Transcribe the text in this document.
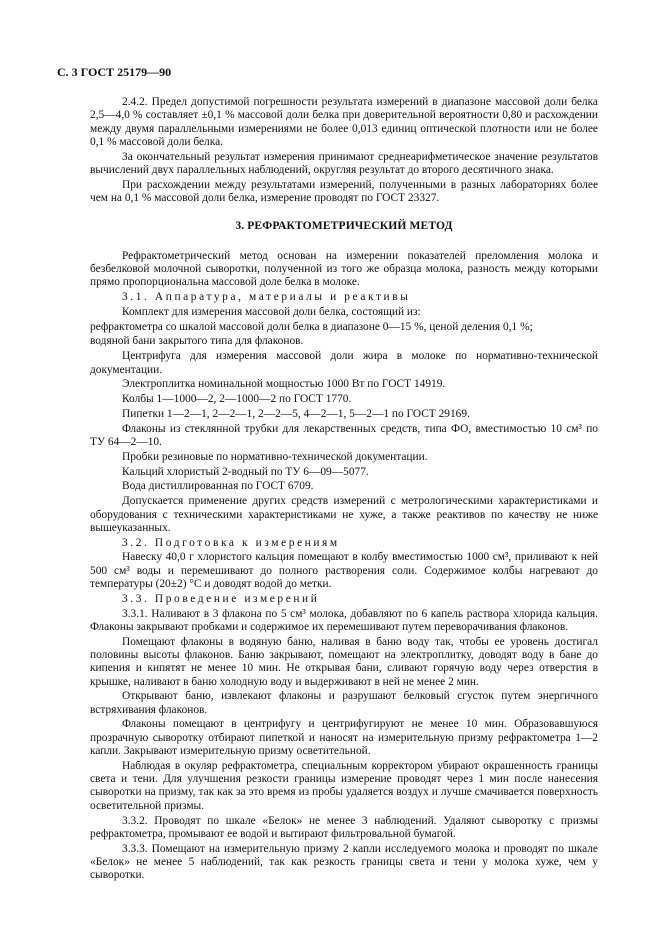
С. 3 ГОСТ 25179—90

2.4.2. Предел допустимой погрешности результата измерений в диапазоне массовой доли белка 2,5—4,0 % составляет ±0,1 % массовой доли белка при доверительной вероятности 0,80 и расхождении между двумя параллельными измерениями не более 0,013 единиц оптической плотности или не более 0,1 % массовой доли белка.

За окончательный результат измерения принимают среднеарифметическое значение результатов вычислений двух параллельных наблюдений, округляя результат до второго десятичного знака.

При расхождении между результатами измерений, полученными в разных лабораториях более чем на 0,1 % массовой доли белка, измерение проводят по ГОСТ 23327.

3. РЕФРАКТОМЕТРИЧЕСКИЙ МЕТОД

Рефрактометрический метод основан на измерении показателей преломления молока и безбелковой молочной сыворотки, полученной из того же образца молока, разность между которыми прямо пропорциональна массовой доле белка в молоке.

3.1. Аппаратура, материалы и реактивы

Комплект для измерения массовой доли белка, состоящий из:

рефрактометра со шкалой массовой доли белка в диапазоне 0—15 %, ценой деления 0,1 %;

водяной бани закрытого типа для флаконов.

Центрифуга для измерения массовой доли жира в молоке по нормативно-технической документации.

Электроплитка номинальной мощностью 1000 Вт по ГОСТ 14919.

Колбы 1—1000—2, 2—1000—2 по ГОСТ 1770.

Пипетки 1—2—1, 2—2—1, 2—2—5, 4—2—1, 5—2—1 по ГОСТ 29169.

Флаконы из стеклянной трубки для лекарственных средств, типа ФО, вместимостью 10 см³ по ТУ 64—2—10.

Пробки резиновые по нормативно-технической документации.

Кальций хлористый 2-водный по ТУ 6—09—5077.

Вода дистиллированная по ГОСТ 6709.

Допускается применение других средств измерений с метрологическими характеристиками и оборудования с техническими характеристиками не хуже, а также реактивов по качеству не ниже вышеуказанных.

3.2. Подготовка к измерениям

Навеску 40,0 г хлористого кальция помещают в колбу вместимостью 1000 см³, приливают к ней 500 см³ воды и перемешивают до полного растворения соли. Содержимое колбы нагревают до температуры (20±2) °С и доводят водой до метки.

3.3. Проведение измерений

3.3.1. Наливают в 3 флакона по 5 см³ молока, добавляют по 6 капель раствора хлорида кальция. Флаконы закрывают пробками и содержимое их перемешивают путем переворачивания флаконов.

Помещают флаконы в водяную баню, наливая в баню воду так, чтобы ее уровень достигал половины высоты флаконов. Баню закрывают, помещают на электроплитку, доводят воду в бане до кипения и кипятят не менее 10 мин. Не открывая бани, сливают горячую воду через отверстия в крышке, наливают в баню холодную воду и выдерживают в ней не менее 2 мин.

Открывают баню, извлекают флаконы и разрушают белковый сгусток путем энергичного встряхивания флаконов.

Флаконы помещают в центрифугу и центрифугируют не менее 10 мин. Образовавшуюся прозрачную сыворотку отбирают пипеткой и наносят на измерительную призму рефрактометра 1—2 капли. Закрывают измерительную призму осветительной.

Наблюдая в окуляр рефрактометра, специальным корректором убирают окрашенность границы света и тени. Для улучшения резкости границы измерение проводят через 1 мин после нанесения сыворотки на призму, так как за это время из пробы удаляется воздух и лучше смачивается поверхность осветительной призмы.

3.3.2. Проводят по шкале «Белок» не менее 3 наблюдений. Удаляют сыворотку с призмы рефрактометра, промывают ее водой и вытирают фильтровальной бумагой.

3.3.3. Помещают на измерительную призму 2 капли исследуемого молока и проводят по шкале «Белок» не менее 5 наблюдений, так как резкость границы света и тени у молока хуже, чем у сыворотки.
